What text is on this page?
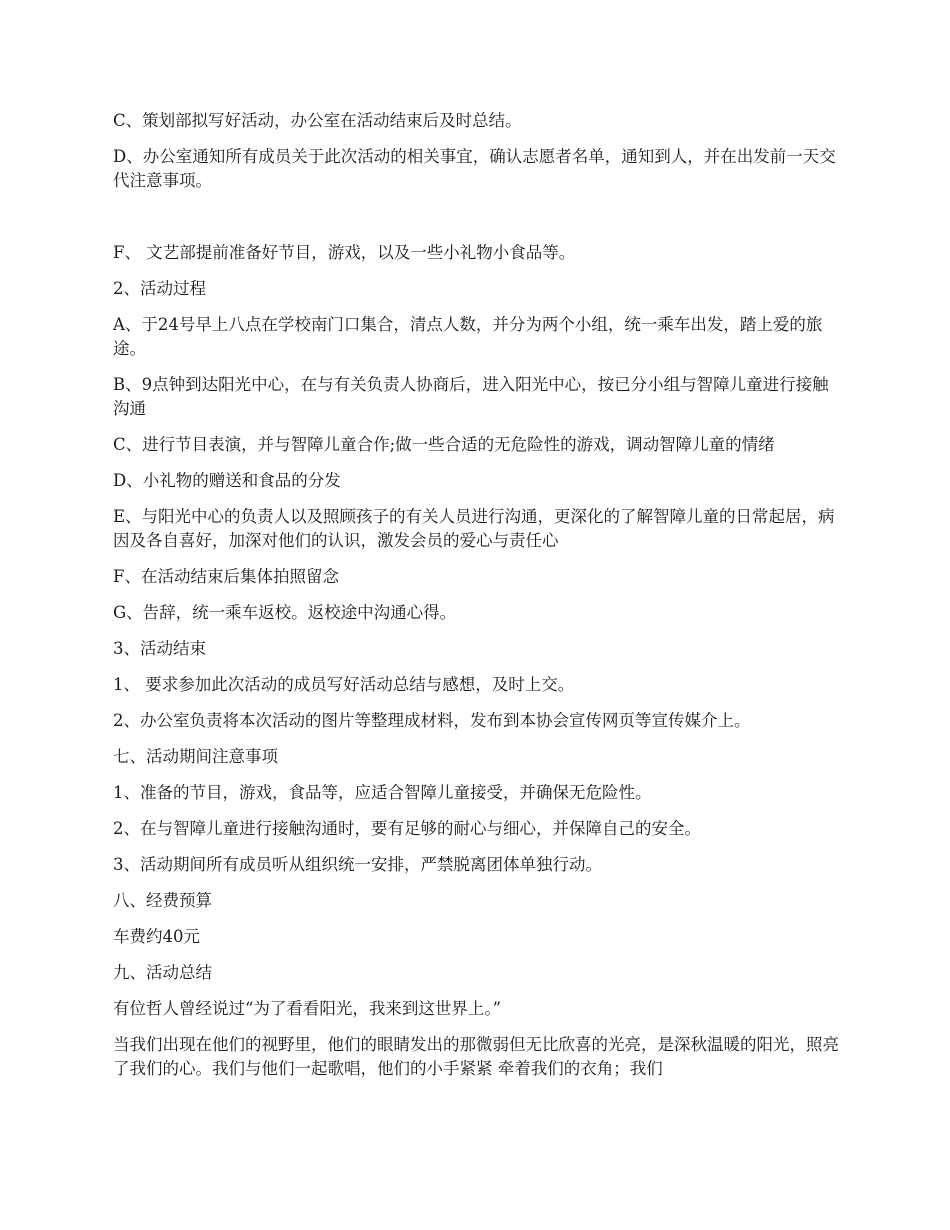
C、策划部拟写好活动，办公室在活动结束后及时总结。

D、办公室通知所有成员关于此次活动的相关事宜，确认志愿者名单，通知到人，并在出发前一天交代注意事项。

F、 文艺部提前准备好节目，游戏，以及一些小礼物小食品等。

2、活动过程

A、于24号早上八点在学校南门口集合，清点人数，并分为两个小组，统一乘车出发，踏上爱的旅途。

B、9点钟到达阳光中心，在与有关负责人协商后，进入阳光中心，按已分小组与智障儿童进行接触沟通

C、进行节目表演，并与智障儿童合作;做一些合适的无危险性的游戏，调动智障儿童的情绪

D、小礼物的赠送和食品的分发

E、与阳光中心的负责人以及照顾孩子的有关人员进行沟通，更深化的了解智障儿童的日常起居，病因及各自喜好，加深对他们的认识，激发会员的爱心与责任心

F、在活动结束后集体拍照留念

G、告辞，统一乘车返校。返校途中沟通心得。

3、活动结束

1、 要求参加此次活动的成员写好活动总结与感想，及时上交。

2、办公室负责将本次活动的图片等整理成材料，发布到本协会宣传网页等宣传媒介上。

七、活动期间注意事项

1、准备的节目，游戏，食品等，应适合智障儿童接受，并确保无危险性。

2、在与智障儿童进行接触沟通时，要有足够的耐心与细心，并保障自己的安全。

3、活动期间所有成员听从组织统一安排，严禁脱离团体单独行动。

八、经费预算

车费约40元

九、活动总结

有位哲人曾经说过“为了看看阳光，我来到这世界上。”

当我们出现在他们的视野里，他们的眼睛发出的那微弱但无比欣喜的光亮，是深秋温暖的阳光，照亮了我们的心。我们与他们一起歌唱，他们的小手紧紧 牵着我们的衣角；我们
